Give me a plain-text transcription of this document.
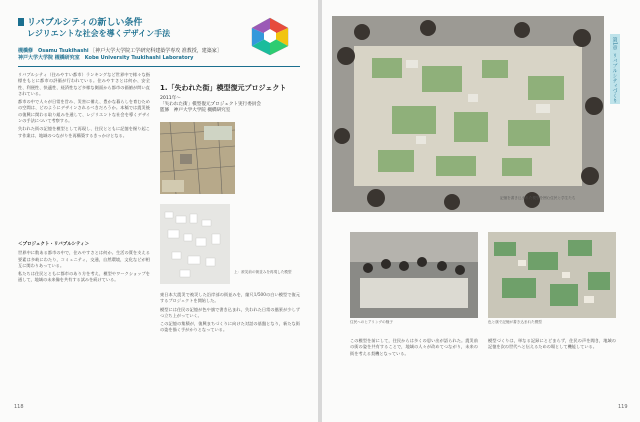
リバブルシティの新しい条件
レジリエントな社会を導くデザイン手法
槻橋修　Osamu Tsukihashi ［神戸大学大学院工学研究科建築学専攻 准教授，建築家］
神戸大学大学院 槻橋研究室　Kobe University Tsukihashi Laboratory

リバブルシティ（住みやすい都市）ランキングなど世界中で様々な指標をもとに都市の評価が行われている。住みやすさとは何か、安全性、利便性、快適性、経済性など多様な側面から都市の価値が問い直されている。

都市の中で人々が日常を営み、災害に備え、豊かな暮らしを育むための空間は、どのようにデザインされるべきだろうか。本稿では震災後の復興に関わる取り組みを通して、レジリエントな社会を導くデザインの手法について考察する。

失われた街の記憶を模型として再現し、住民とともに記憶を掘り起こす作業は、地域のつながりを再構築するきっかけとなる。

＜プロジェクト・リバブルシティ＞

世界中に数ある都市の中で，住みやすさとは何か。生活の質を支える要素は多岐にわたり，コミュニティ，交通，自然環境，文化などが相互に関わりあっている。

私たちは住民とともに都市のあり方を考え，模型やワークショップを通して，地域の未来像を共有する試みを続けている。

1.「失われた街」模型復元プロジェクト
2011年～
「失われた街」模型復元プロジェクト実行委員会
監修　神戸大学大学院 槻橋研究室
上：被災前の街並みを再現した模型

東日本大震災で被災した沿岸部の街並みを，縮尺1/500の白い模型で復元するプロジェクトを開始した。

模型には住民の記憶が色や旗で書き込まれ，失われた日常の風景が少しずつ立ち上がっていく。

この記憶の集積が，復興まちづくりに向けた対話の基盤となり，新たな街の姿を描く手がかりとなっている。

118
記憶を書き込まれた模型を囲む住民と学生たち
第1章
リバブルシティづくり
住民へのヒアリングの様子	色と旗で記憶が書き込まれた模型

この模型を前にして，住民からは多くの思い出が語られた。震災前の街の姿を共有することで，地域の人々が改めてつながり，未来の街を考える契機となっている。

模型づくりは，単なる記録にとどまらず，住民の声を聞き，地域の記憶を次の世代へと伝えるための場として機能している。

119
